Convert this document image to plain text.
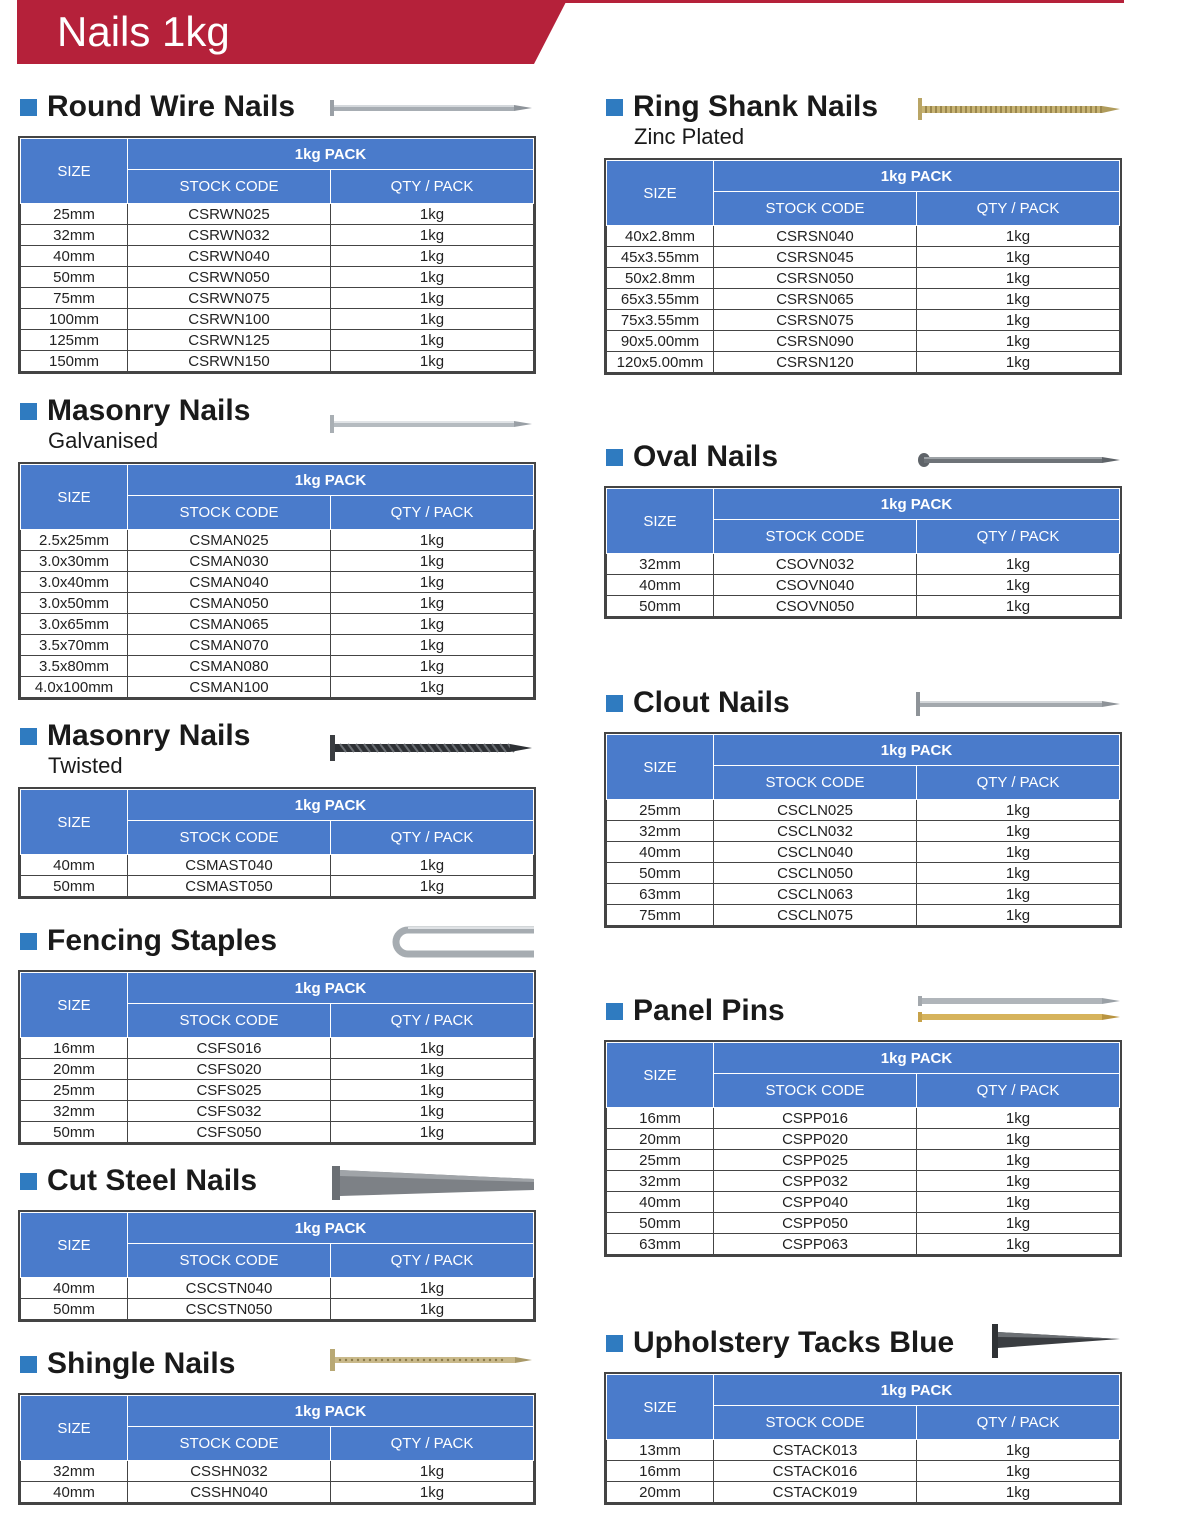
Nails 1kg
Round Wire Nails
SIZE	1kg PACK	
	STOCK CODE	QTY / PACK
25mm	CSRWN025	1kg
32mm	CSRWN032	1kg
40mm	CSRWN040	1kg
50mm	CSRWN050	1kg
75mm	CSRWN075	1kg
100mm	CSRWN100	1kg
125mm	CSRWN125	1kg
150mm	CSRWN150	1kg
Masonry Nails
Galvanised
SIZE	1kg PACK	
	STOCK CODE	QTY / PACK
2.5x25mm	CSMAN025	1kg
3.0x30mm	CSMAN030	1kg
3.0x40mm	CSMAN040	1kg
3.0x50mm	CSMAN050	1kg
3.0x65mm	CSMAN065	1kg
3.5x70mm	CSMAN070	1kg
3.5x80mm	CSMAN080	1kg
4.0x100mm	CSMAN100	1kg
Masonry Nails
Twisted
SIZE	1kg PACK	
	STOCK CODE	QTY / PACK
40mm	CSMAST040	1kg
50mm	CSMAST050	1kg
Fencing Staples
SIZE	1kg PACK	
	STOCK CODE	QTY / PACK
16mm	CSFS016	1kg
20mm	CSFS020	1kg
25mm	CSFS025	1kg
32mm	CSFS032	1kg
50mm	CSFS050	1kg
Cut Steel Nails
SIZE	1kg PACK	
	STOCK CODE	QTY / PACK
40mm	CSCSTN040	1kg
50mm	CSCSTN050	1kg
Shingle Nails
SIZE	1kg PACK	
	STOCK CODE	QTY / PACK
32mm	CSSHN032	1kg
40mm	CSSHN040	1kg
Ring Shank Nails
Zinc Plated
SIZE	1kg PACK	
	STOCK CODE	QTY / PACK
40x2.8mm	CSRSN040	1kg
45x3.55mm	CSRSN045	1kg
50x2.8mm	CSRSN050	1kg
65x3.55mm	CSRSN065	1kg
75x3.55mm	CSRSN075	1kg
90x5.00mm	CSRSN090	1kg
120x5.00mm	CSRSN120	1kg
Oval Nails
SIZE	1kg PACK	
	STOCK CODE	QTY / PACK
32mm	CSOVN032	1kg
40mm	CSOVN040	1kg
50mm	CSOVN050	1kg
Clout Nails
SIZE	1kg PACK	
	STOCK CODE	QTY / PACK
25mm	CSCLN025	1kg
32mm	CSCLN032	1kg
40mm	CSCLN040	1kg
50mm	CSCLN050	1kg
63mm	CSCLN063	1kg
75mm	CSCLN075	1kg
Panel Pins
SIZE	1kg PACK	
	STOCK CODE	QTY / PACK
16mm	CSPP016	1kg
20mm	CSPP020	1kg
25mm	CSPP025	1kg
32mm	CSPP032	1kg
40mm	CSPP040	1kg
50mm	CSPP050	1kg
63mm	CSPP063	1kg
Upholstery Tacks Blue
SIZE	1kg PACK	
	STOCK CODE	QTY / PACK
13mm	CSTACK013	1kg
16mm	CSTACK016	1kg
20mm	CSTACK019	1kg
